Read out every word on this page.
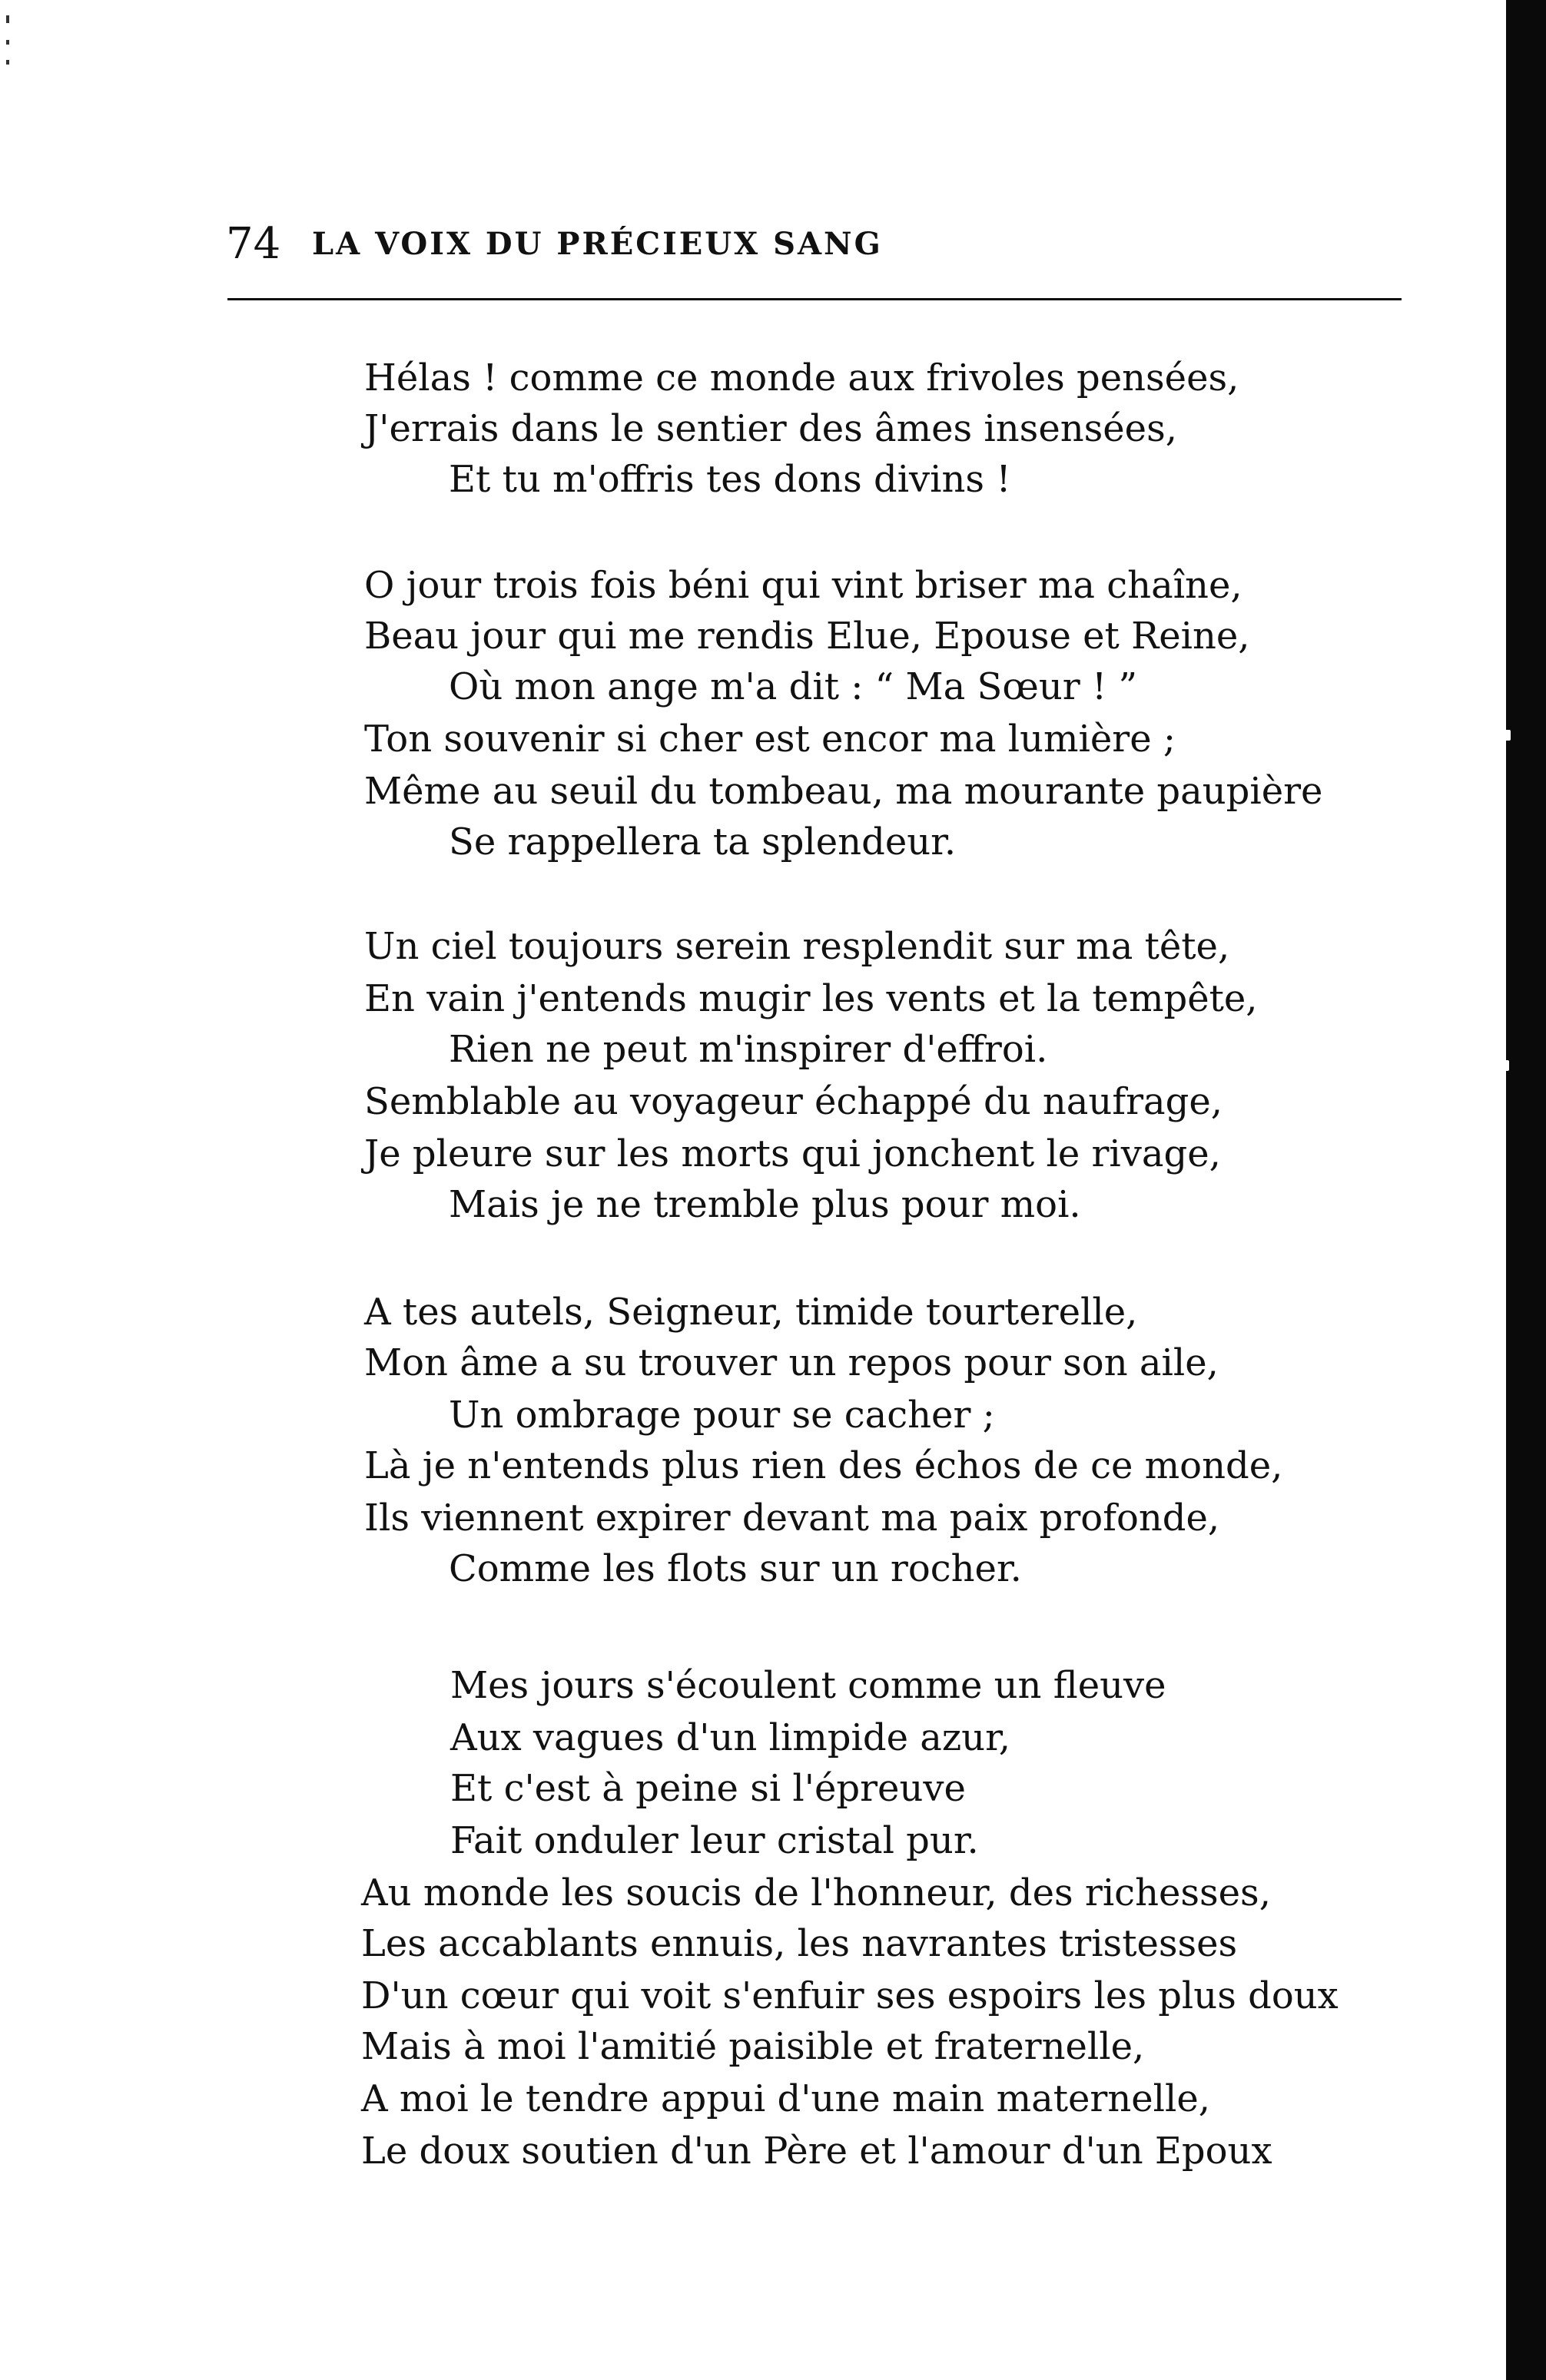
74 LA VOIX DU PRÉCIEUX SANG
Hélas ! comme ce monde aux frivoles pensées,
J'errais dans le sentier des âmes insensées,
Et tu m'offris tes dons divins !
O jour trois fois béni qui vint briser ma chaîne,
Beau jour qui me rendis Elue, Epouse et Reine,
Où mon ange m'a dit : “ Ma Sœur ! ”
Ton souvenir si cher est encor ma lumière ;
Même au seuil du tombeau, ma mourante paupière
Se rappellera ta splendeur.
Un ciel toujours serein resplendit sur ma tête,
En vain j'entends mugir les vents et la tempête,
Rien ne peut m'inspirer d'effroi.
Semblable au voyageur échappé du naufrage,
Je pleure sur les morts qui jonchent le rivage,
Mais je ne tremble plus pour moi.
A tes autels, Seigneur, timide tourterelle,
Mon âme a su trouver un repos pour son aile,
Un ombrage pour se cacher ;
Là je n'entends plus rien des échos de ce monde,
Ils viennent expirer devant ma paix profonde,
Comme les flots sur un rocher.
Mes jours s'écoulent comme un fleuve
Aux vagues d'un limpide azur,
Et c'est à peine si l'épreuve
Fait onduler leur cristal pur.
Au monde les soucis de l'honneur, des richesses,
Les accablants ennuis, les navrantes tristesses
D'un cœur qui voit s'enfuir ses espoirs les plus doux
Mais à moi l'amitié paisible et fraternelle,
A moi le tendre appui d'une main maternelle,
Le doux soutien d'un Père et l'amour d'un Epoux
